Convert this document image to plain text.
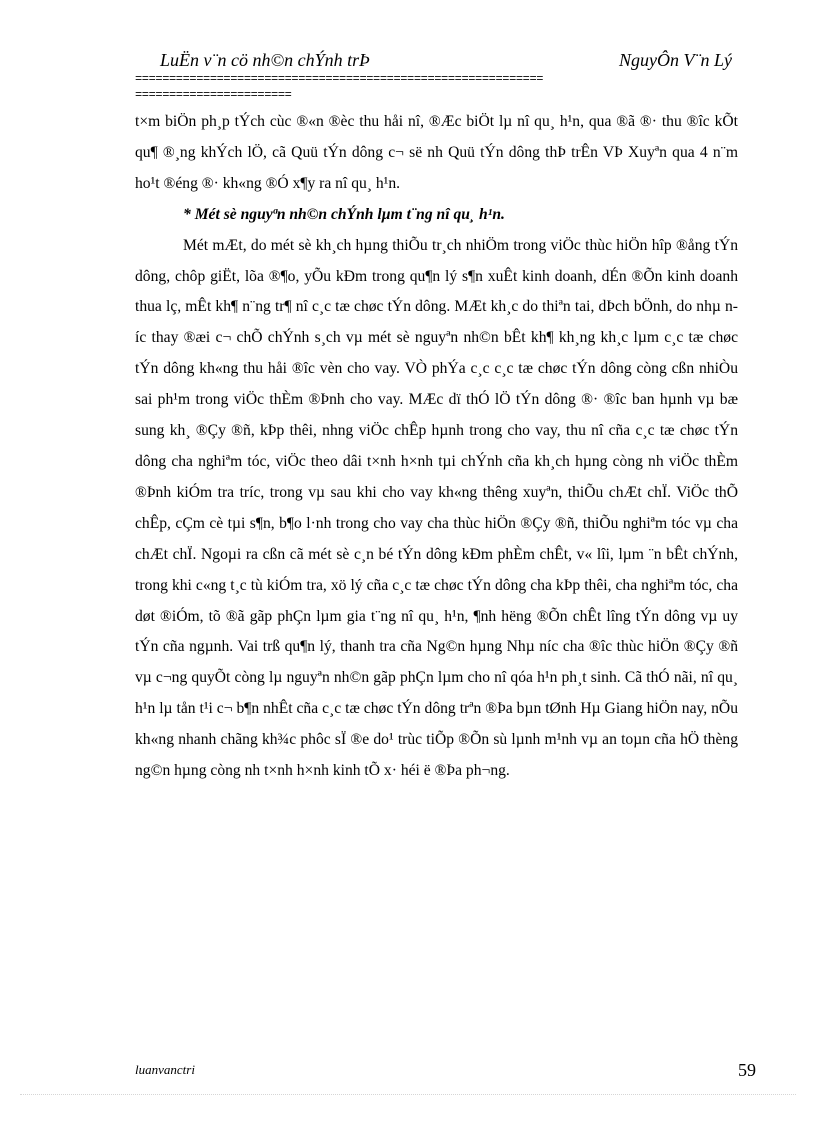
LuËn v¨n cö nh©n chÝnh trÞ	NguyÔn V¨n Lý
============================================================
=======================

t×m biÖn ph¸p tÝch cùc ®«n ®èc thu håi nî, ®Æc biÖt lµ nî qu¸ h¹n, qua ®ã ®· thu ®îc kÕt qu¶ ®¸ng khÝch lÖ, cã Quü tÝn dông c¬ së nh Quü tÝn dông thÞ trÊn VÞ Xuyªn qua 4 n¨m ho¹t ®éng ®· kh«ng ®Ó x¶y ra nî qu¸ h¹n.

* Mét sè nguyªn nh©n chÝnh lµm t¨ng nî qu¸ h¹n.

Mét mÆt, do mét sè kh¸ch hµng thiÕu tr¸ch nhiÖm trong viÖc thùc hiÖn hîp ®ång tÝn dông, chôp giËt, lõa ®¶o, yÕu kÐm trong qu¶n lý s¶n xuÊt kinh doanh, dÉn ®Õn kinh doanh thua lç, mÊt kh¶ n¨ng tr¶ nî c¸c tæ chøc tÝn dông. MÆt kh¸c do thiªn tai, dÞch bÖnh, do nhµ níc thay ®æi c¬ chÕ chÝnh s¸ch vµ mét sè nguyªn nh©n bÊt kh¶ kh¸ng kh¸c lµm c¸c tæ chøc tÝn dông kh«ng thu håi ®îc vèn cho vay. VÒ phÝa c¸c c¸c tæ chøc tÝn dông còng cßn nhiÒu sai ph¹m trong viÖc thÈm ®Þnh cho vay. MÆc dï thÓ lÖ tÝn dông ®· ®îc ban hµnh vµ bæ sung kh¸ ®Çy ®ñ, kÞp thêi, nhng viÖc chÊp hµnh trong cho vay, thu nî cña c¸c tæ chøc tÝn dông cha nghiªm tóc, viÖc theo dâi t×nh h×nh tµi chÝnh cña kh¸ch hµng còng nh viÖc thÈm ®Þnh kiÓm tra tríc, trong vµ sau khi cho vay kh«ng thêng xuyªn, thiÕu chÆt chÏ. ViÖc thÕ chÊp, cÇm cè tµi s¶n, b¶o l·nh trong cho vay cha thùc hiÖn ®Çy ®ñ, thiÕu nghiªm tóc vµ cha chÆt chÏ. Ngoµi ra cßn cã mét sè c¸n bé tÝn dông kÐm phÈm chÊt, v« lîi, lµm ¨n bÊt chÝnh, trong khi c«ng t¸c tù kiÓm tra, xö lý cña c¸c tæ chøc tÝn dông cha kÞp thêi, cha nghiªm tóc, cha døt ®iÓm, tõ ®ã gãp phÇn lµm gia t¨ng nî qu¸ h¹n, ¶nh hëng ®Õn chÊt lîng tÝn dông vµ uy tÝn cña ngµnh. Vai trß qu¶n lý, thanh tra cña Ng©n hµng Nhµ níc cha ®îc thùc hiÖn ®Çy ®ñ vµ c¬ng quyÕt còng lµ nguyªn nh©n gãp phÇn lµm cho nî qóa h¹n ph¸t sinh. Cã thÓ nãi, nî qu¸ h¹n lµ tån t¹i c¬ b¶n nhÊt cña c¸c tæ chøc tÝn dông trªn ®Þa bµn tØnh Hµ Giang hiÖn nay, nÕu kh«ng nhanh chãng kh¾c phôc sÏ ®e do¹ trùc tiÕp ®Õn sù lµnh m¹nh vµ an toµn cña hÖ thèng ng©n hµng còng nh t×nh h×nh kinh tÕ x· héi ë ®Þa ph¬ng.

luanvanctri	59
